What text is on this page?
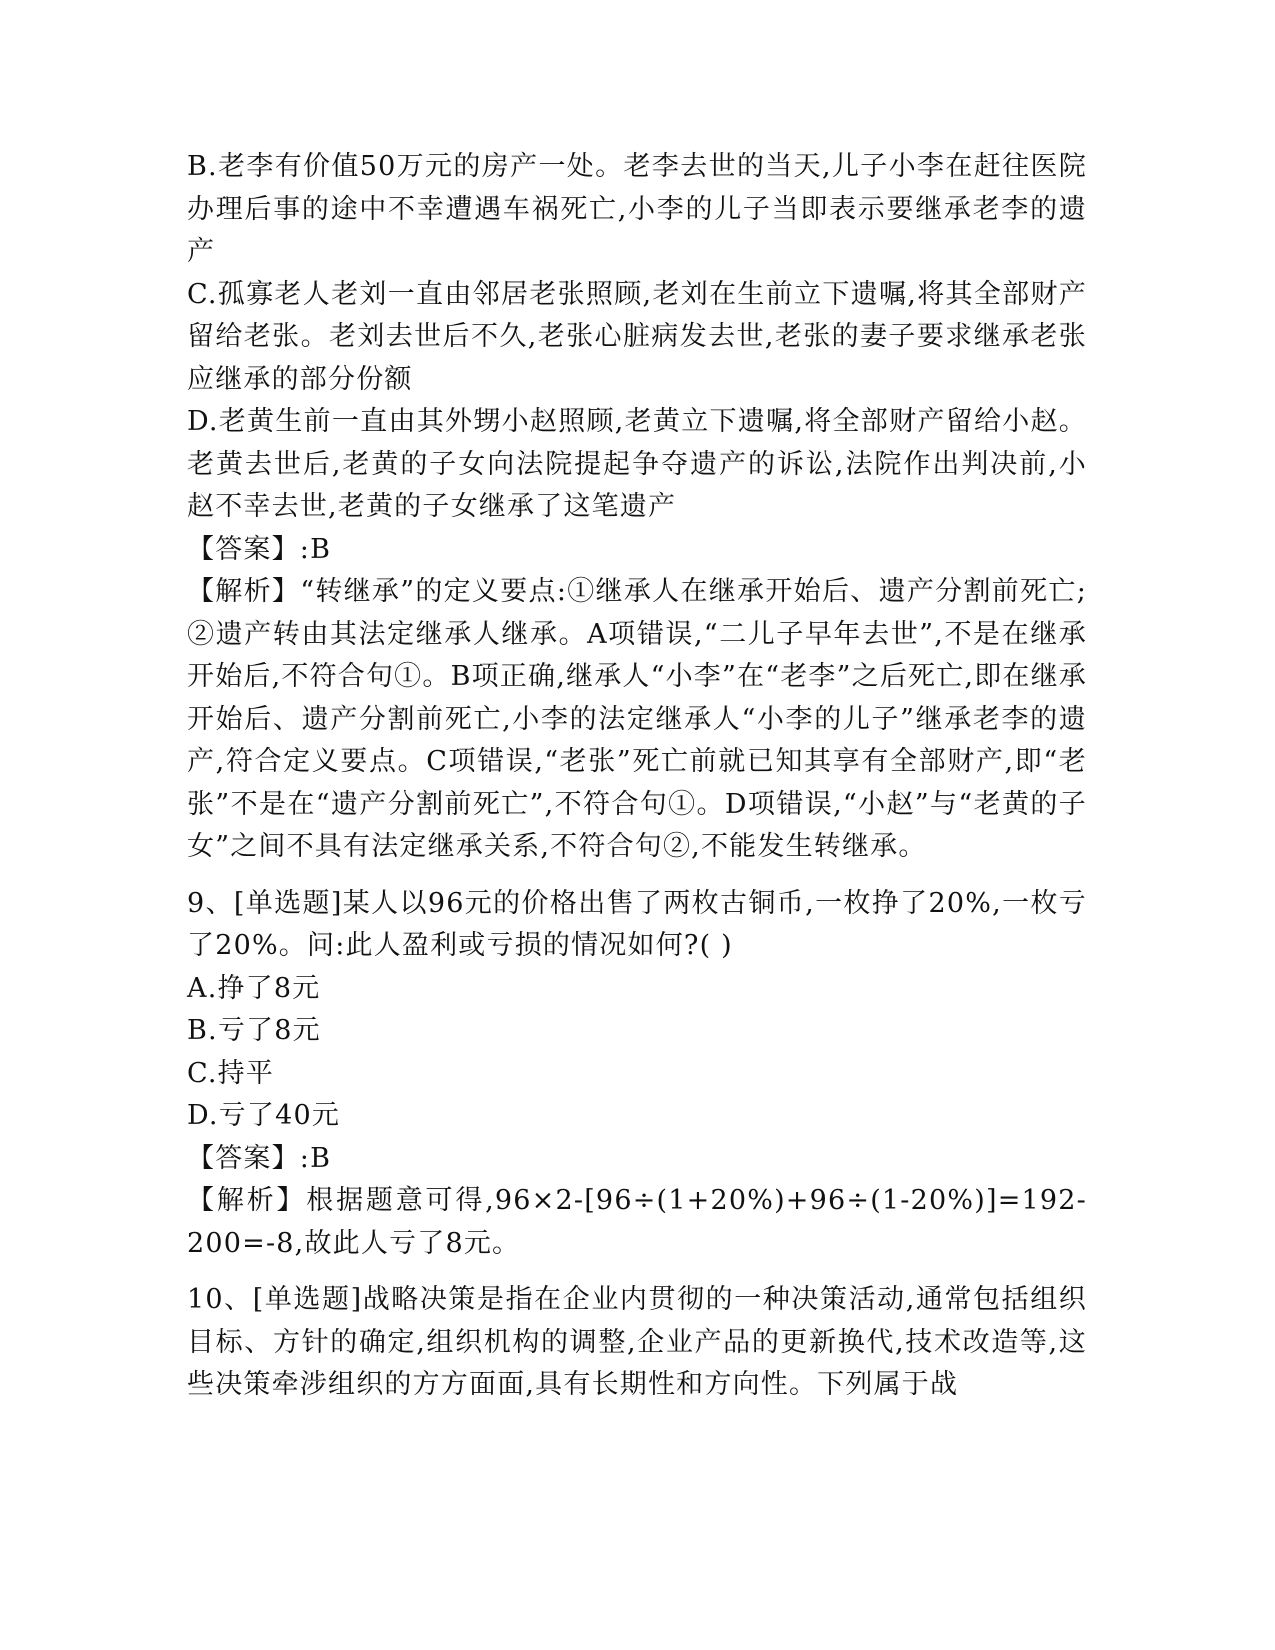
B.老李有价值50万元的房产一处。老李去世的当天,儿子小李在赶往医院办理后事的途中不幸遭遇车祸死亡,小李的儿子当即表示要继承老李的遗产

C.孤寡老人老刘一直由邻居老张照顾,老刘在生前立下遗嘱,将其全部财产留给老张。老刘去世后不久,老张心脏病发去世,老张的妻子要求继承老张应继承的部分份额

D.老黄生前一直由其外甥小赵照顾,老黄立下遗嘱,将全部财产留给小赵。老黄去世后,老黄的子女向法院提起争夺遗产的诉讼,法院作出判决前,小赵不幸去世,老黄的子女继承了这笔遗产

【答案】:B

【解析】“转继承”的定义要点:①继承人在继承开始后、遗产分割前死亡;②遗产转由其法定继承人继承。A项错误,“二儿子早年去世”,不是在继承开始后,不符合句①。B项正确,继承人“小李”在“老李”之后死亡,即在继承开始后、遗产分割前死亡,小李的法定继承人“小李的儿子”继承老李的遗产,符合定义要点。C项错误,“老张”死亡前就已知其享有全部财产,即“老张”不是在“遗产分割前死亡”,不符合句①。D项错误,“小赵”与“老黄的子女”之间不具有法定继承关系,不符合句②,不能发生转继承。

9、[单选题]某人以96元的价格出售了两枚古铜币,一枚挣了20%,一枚亏了20%。问:此人盈利或亏损的情况如何?( )

A.挣了8元

B.亏了8元

C.持平

D.亏了40元

【答案】:B

【解析】根据题意可得,96×2-[96÷(1+20%)+96÷(1-20%)]=192-200=-8,故此人亏了8元。

10、[单选题]战略决策是指在企业内贯彻的一种决策活动,通常包括组织目标、方针的确定,组织机构的调整,企业产品的更新换代,技术改造等,这些决策牵涉组织的方方面面,具有长期性和方向性。下列属于战
